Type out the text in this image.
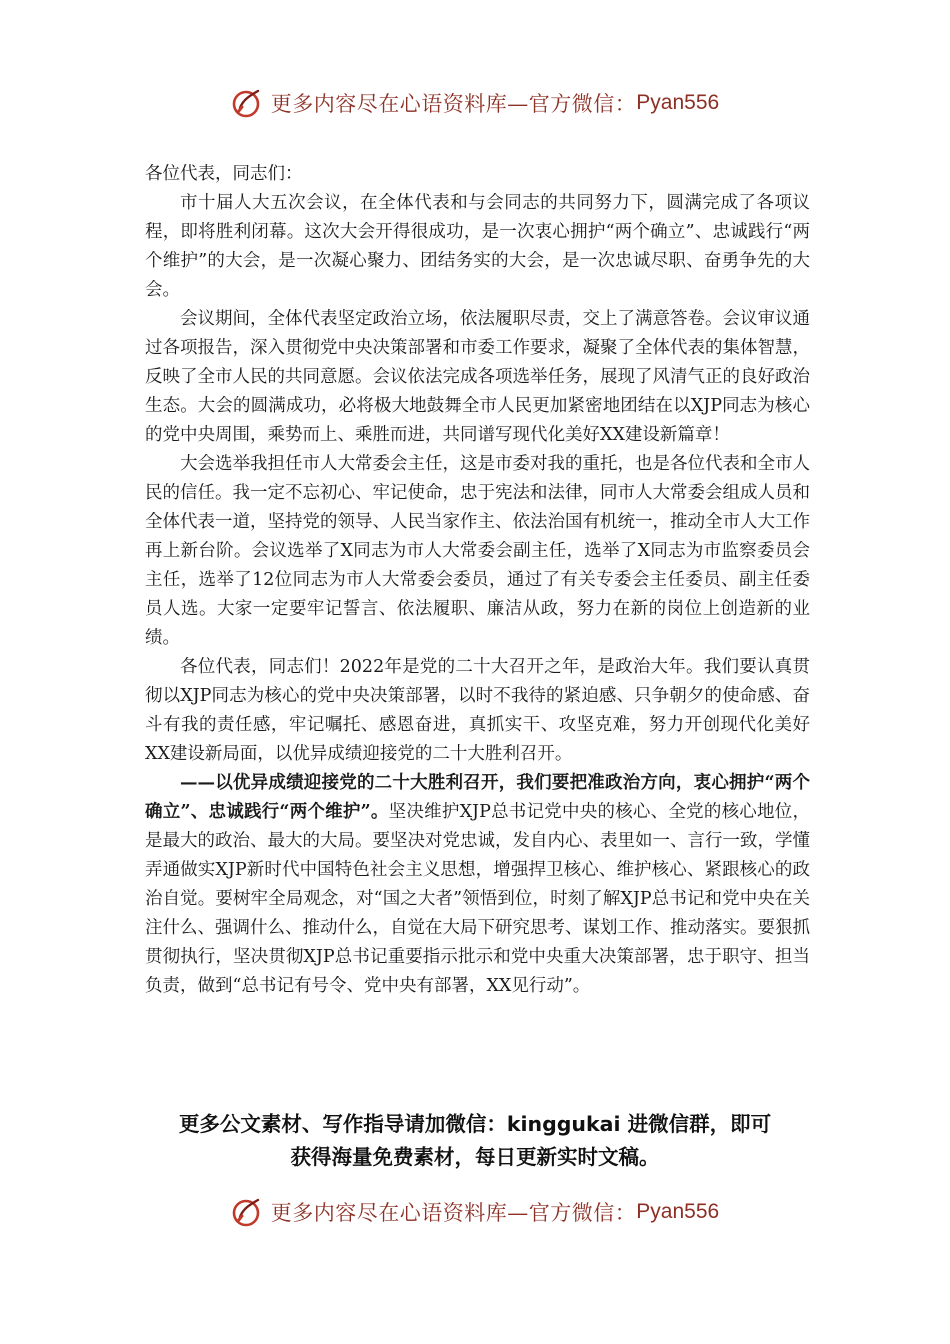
更多内容尽在心语资料库—官方微信： Pyan556

各位代表，同志们：

市十届人大五次会议，在全体代表和与会同志的共同努力下，圆满完成了各项议程，即将胜利闭幕。这次大会开得很成功，是一次衷心拥护“两个确立”、忠诚践行“两个维护”的大会，是一次凝心聚力、团结务实的大会，是一次忠诚尽职、奋勇争先的大会。

会议期间，全体代表坚定政治立场，依法履职尽责，交上了满意答卷。会议审议通过各项报告，深入贯彻党中央决策部署和市委工作要求，凝聚了全体代表的集体智慧，反映了全市人民的共同意愿。会议依法完成各项选举任务，展现了风清气正的良好政治生态。大会的圆满成功，必将极大地鼓舞全市人民更加紧密地团结在以XJP同志为核心的党中央周围，乘势而上、乘胜而进，共同谱写现代化美好XX建设新篇章！

大会选举我担任市人大常委会主任，这是市委对我的重托，也是各位代表和全市人民的信任。我一定不忘初心、牢记使命，忠于宪法和法律，同市人大常委会组成人员和全体代表一道，坚持党的领导、人民当家作主、依法治国有机统一，推动全市人大工作再上新台阶。会议选举了X同志为市人大常委会副主任，选举了X同志为市监察委员会主任，选举了12位同志为市人大常委会委员，通过了有关专委会主任委员、副主任委员人选。大家一定要牢记誓言、依法履职、廉洁从政，努力在新的岗位上创造新的业绩。

各位代表，同志们！2022年是党的二十大召开之年，是政治大年。我们要认真贯彻以XJP同志为核心的党中央决策部署，以时不我待的紧迫感、只争朝夕的使命感、奋斗有我的责任感，牢记嘱托、感恩奋进，真抓实干、攻坚克难，努力开创现代化美好XX建设新局面，以优异成绩迎接党的二十大胜利召开。

——以优异成绩迎接党的二十大胜利召开，我们要把准政治方向，衷心拥护“两个确立”、忠诚践行“两个维护”。坚决维护XJP总书记党中央的核心、全党的核心地位，是最大的政治、最大的大局。要坚决对党忠诚，发自内心、表里如一、言行一致，学懂弄通做实XJP新时代中国特色社会主义思想，增强捍卫核心、维护核心、紧跟核心的政治自觉。要树牢全局观念，对“国之大者”领悟到位，时刻了解XJP总书记和党中央在关注什么、强调什么、推动什么，自觉在大局下研究思考、谋划工作、推动落实。要狠抓贯彻执行，坚决贯彻XJP总书记重要指示批示和党中央重大决策部署，忠于职守、担当负责，做到“总书记有号令、党中央有部署，XX见行动”。

更多公文素材、写作指导请加微信：kinggukai 进微信群，即可
获得海量免费素材，每日更新实时文稿。
更多内容尽在心语资料库—官方微信： Pyan556
